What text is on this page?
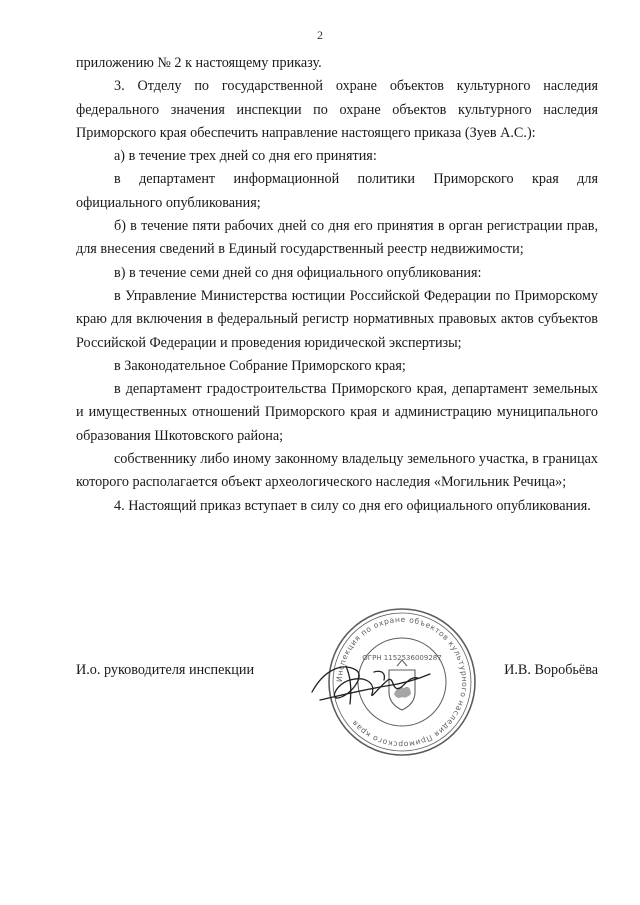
2

приложению № 2 к настоящему приказу.

3. Отделу по государственной охране объектов культурного наследия федерального значения инспекции по охране объектов культурного наследия Приморского края обеспечить направление настоящего приказа (Зуев А.С.):

а) в течение трех дней со дня его принятия:

в департамент информационной политики Приморского края для официального опубликования;

б) в течение пяти рабочих дней со дня его принятия в орган регистрации прав, для внесения сведений в Единый государственный реестр недвижимости;

в) в течение семи дней со дня официального опубликования:

в Управление Министерства юстиции Российской Федерации по Приморскому краю для включения в федеральный регистр нормативных правовых актов субъектов Российской Федерации и проведения юридической экспертизы;

в Законодательное Собрание Приморского края;

в департамент градостроительства Приморского края, департамент земельных и имущественных отношений Приморского края и администрацию муниципального образования Шкотовского района;

собственнику либо иному законному владельцу земельного участка, в границах которого располагается объект археологического наследия «Могильник Речица»;

4. Настоящий приказ вступает в силу со дня его официального опубликования.

Инспекция по охране объектов культурного наследия Приморского края
ОГРН 1152536009287
И.о. руководителя инспекции	И.В. Воробьёва
